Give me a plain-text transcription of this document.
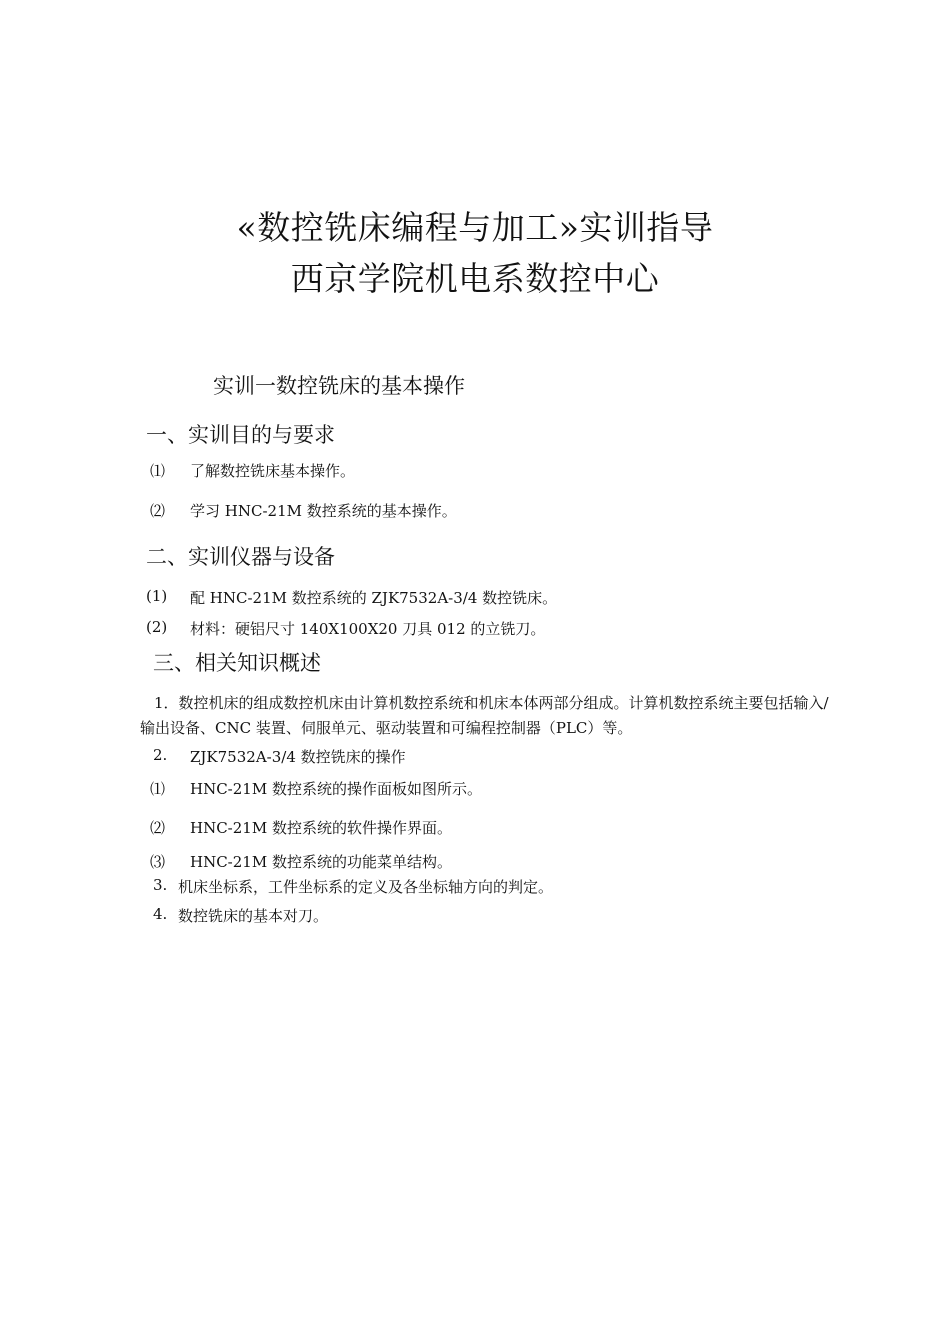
«数控铣床编程与加工»实训指导
西京学院机电系数控中心
实训一数控铣床的基本操作
一、实训目的与要求
⑴ 了解数控铣床基本操作。
⑵ 学习 HNC-21M 数控系统的基本操作。
二、实训仪器与设备
(1) 配 HNC-21M 数控系统的 ZJK7532A-3/4 数控铣床。
(2) 材料：硬铝尺寸 140X100X20 刀具 012 的立铣刀。
三、相关知识概述
1．数控机床的组成数控机床由计算机数控系统和机床本体两部分组成。计算机数控系统主要包括输入/输出设备、CNC 装置、伺服单元、驱动装置和可编程控制器（PLC）等。
2. ZJK7532A-3/4 数控铣床的操作
⑴ HNC-21M 数控系统的操作面板如图所示。
⑵ HNC-21M 数控系统的软件操作界面。
⑶ HNC-21M 数控系统的功能菜单结构。
3. 机床坐标系，工件坐标系的定义及各坐标轴方向的判定。
4. 数控铣床的基本对刀。
